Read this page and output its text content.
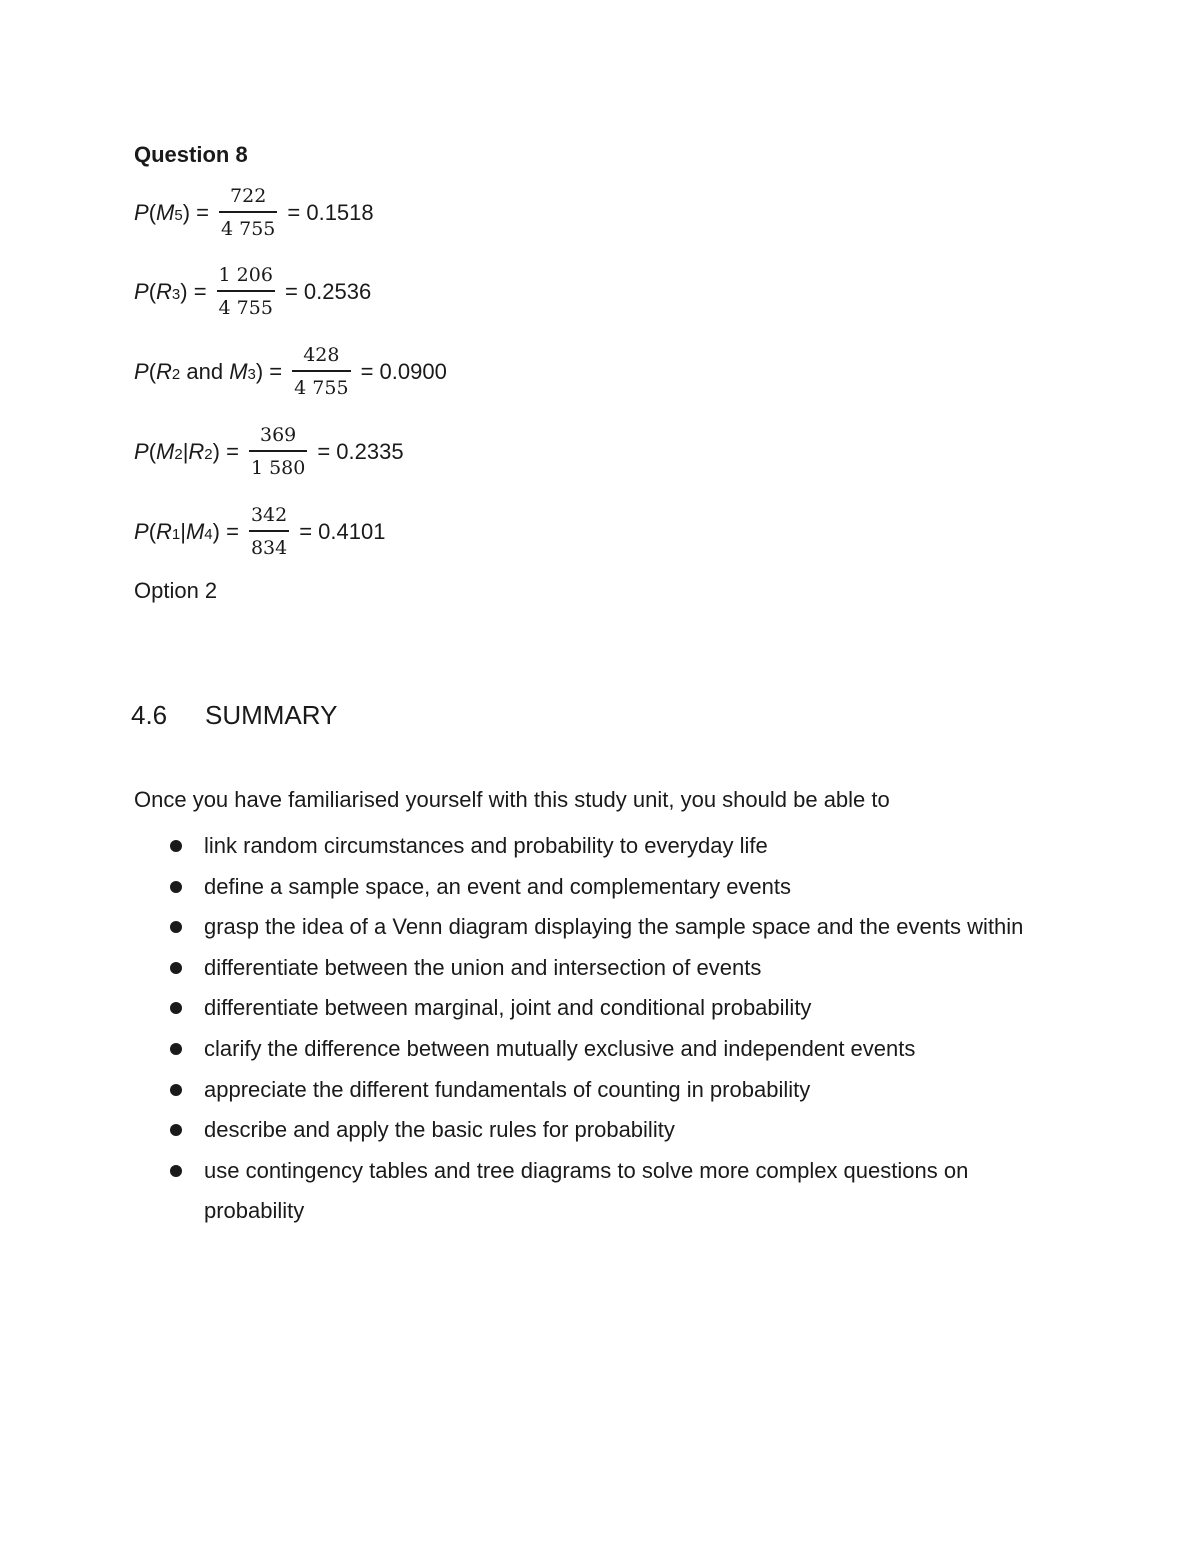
Question 8
P ( M 5 ) = $\frac{722}{4 755} = 0.1518$
P ( R 3 ) = $\frac{1 206}{4 755} = 0.2536$
P ( R 2 and M 3 ) = $\frac{428}{4 755} = 0.0900$
P ( M 2 | R 2 ) = $\frac{369}{1 580} = 0.2335$
P ( R 1 | M 4 ) = $\frac{342}{834} = 0.4101$
Option 2
4.6 SUMMARY
Once you have familiarised yourself with this study unit, you should be able to
link random circumstances and probability to everyday life
define a sample space, an event and complementary events
grasp the idea of a Venn diagram displaying the sample space and the events within
differentiate between the union and intersection of events
differentiate between marginal, joint and conditional probability
clarify the difference between mutually exclusive and independent events
appreciate the different fundamentals of counting in probability
describe and apply the basic rules for probability
use contingency tables and tree diagrams to solve more complex questions on probability
